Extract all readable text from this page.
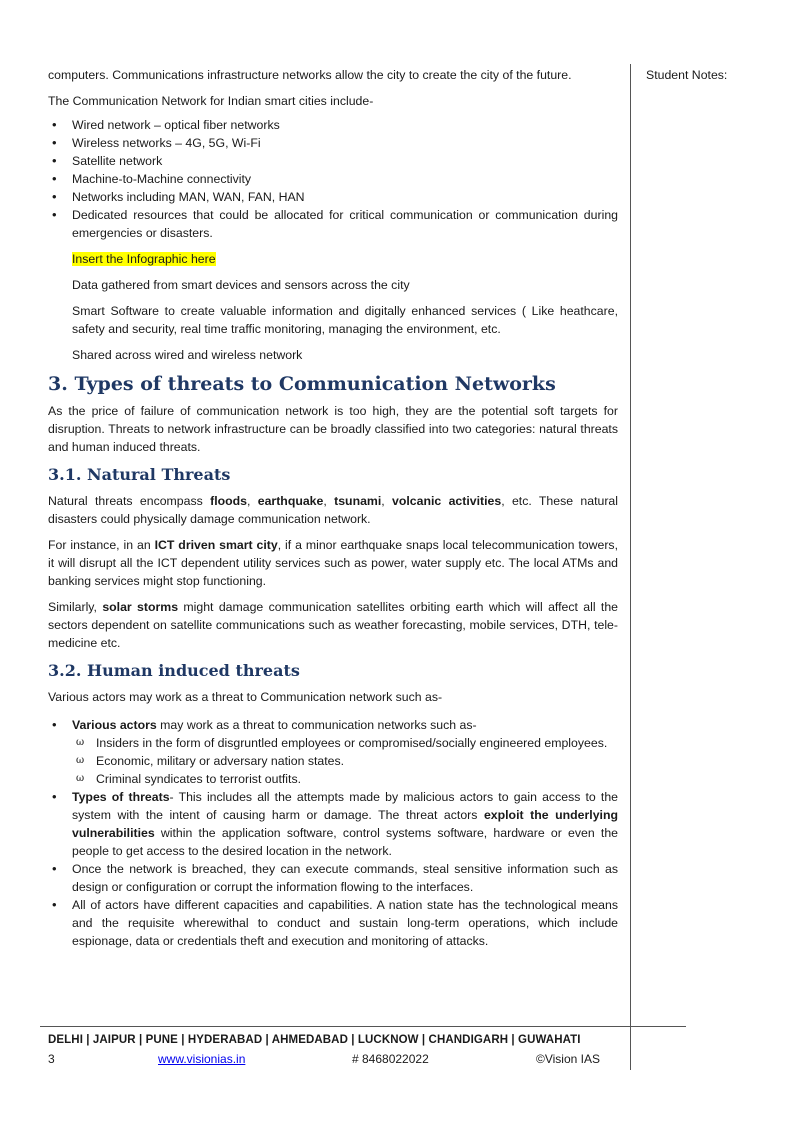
computers. Communications infrastructure networks allow the city to create the city of the future.

The Communication Network for Indian smart cities include-

• Wired network – optical fiber networks
• Wireless networks – 4G, 5G, Wi-Fi
• Satellite network
• Machine-to-Machine connectivity
• Networks including MAN, WAN, FAN, HAN
• Dedicated resources that could be allocated for critical communication or communication during emergencies or disasters.

Insert the Infographic here

Data gathered from smart devices and sensors across the city

Smart Software to create valuable information and digitally enhanced services ( Like heathcare, safety and security, real time traffic monitoring, managing the environment, etc.

Shared across wired and wireless network

3. Types of threats to Communication Networks

As the price of failure of communication network is too high, they are the potential soft targets for disruption. Threats to network infrastructure can be broadly classified into two categories: natural threats and human induced threats.

3.1. Natural Threats

Natural threats encompass floods, earthquake, tsunami, volcanic activities, etc. These natural disasters could physically damage communication network.

For instance, in an ICT driven smart city, if a minor earthquake snaps local telecommunication towers, it will disrupt all the ICT dependent utility services such as power, water supply etc. The local ATMs and banking services might stop functioning.

Similarly, solar storms might damage communication satellites orbiting earth which will affect all the sectors dependent on satellite communications such as weather forecasting, mobile services, DTH, tele-medicine etc.

3.2. Human induced threats

Various actors may work as a threat to Communication network such as-

• Various actors may work as a threat to communication networks such as-
ω Insiders in the form of disgruntled employees or compromised/socially engineered employees.
ω Economic, military or adversary nation states.
ω Criminal syndicates to terrorist outfits.
• Types of threats- This includes all the attempts made by malicious actors to gain access to the system with the intent of causing harm or damage. The threat actors exploit the underlying vulnerabilities within the application software, control systems software, hardware or even the people to get access to the desired location in the network.
• Once the network is breached, they can execute commands, steal sensitive information such as design or configuration or corrupt the information flowing to the interfaces.
• All of actors have different capacities and capabilities. A nation state has the technological means and the requisite wherewithal to conduct and sustain long-term operations, which include espionage, data or credentials theft and execution and monitoring of attacks.
Student Notes:
DELHI | JAIPUR | PUNE | HYDERABAD | AHMEDABAD | LUCKNOW | CHANDIGARH | GUWAHATI
3	www.visionias.in	# 8468022022	©Vision IAS
